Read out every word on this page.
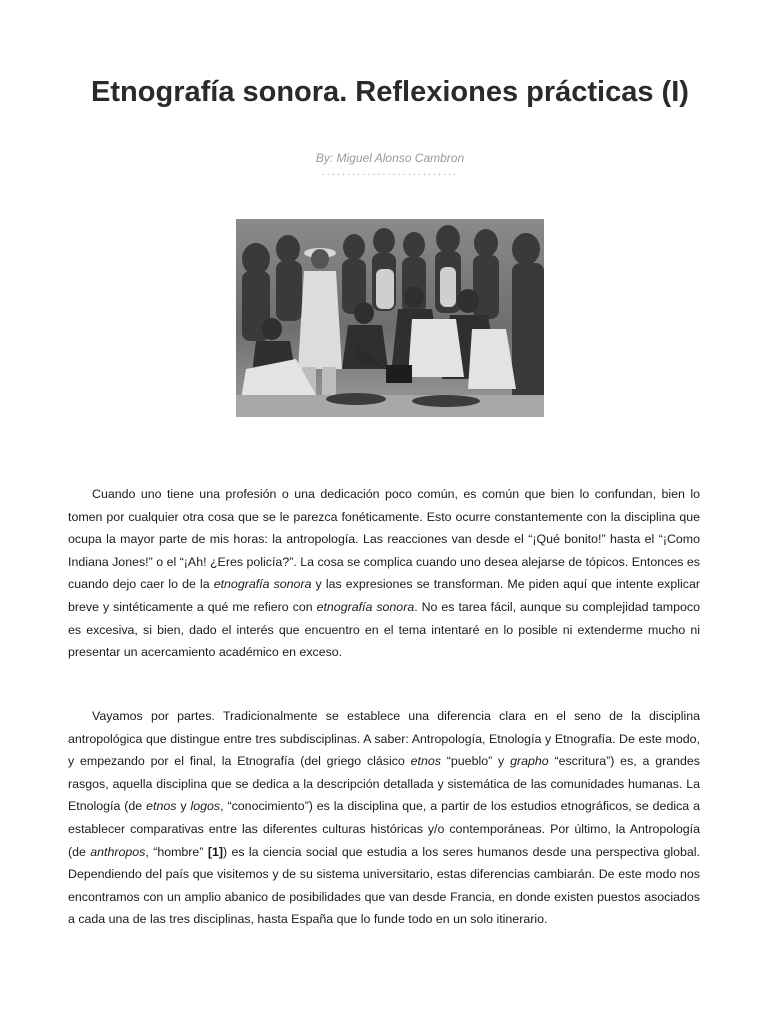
Etnografía sonora. Reflexiones prácticas (I)
By: Miguel Alonso Cambron
...........................

Cuando uno tiene una profesión o una dedicación poco común, es común que bien lo confundan, bien lo tomen por cualquier otra cosa que se le parezca fonéticamente. Esto ocurre constantemente con la disciplina que ocupa la mayor parte de mis horas: la antropología. Las reacciones van desde el “¡Qué bonito!” hasta el “¡Como Indiana Jones!” o el “¡Ah! ¿Eres policía?”. La cosa se complica cuando uno desea alejarse de tópicos. Entonces es cuando dejo caer lo de la etnografía sonora y las expresiones se transforman. Me piden aquí que intente explicar breve y sintéticamente a qué me refiero con etnografía sonora. No es tarea fácil, aunque su complejidad tampoco es excesiva, si bien, dado el interés que encuentro en el tema intentaré en lo posible ni extenderme mucho ni presentar un acercamiento académico en exceso.

Vayamos por partes. Tradicionalmente se establece una diferencia clara en el seno de la disciplina antropológica que distingue entre tres subdisciplinas. A saber: Antropología, Etnología y Etnografía. De este modo, y empezando por el final, la Etnografía (del griego clásico etnos “pueblo” y grapho “escritura”) es, a grandes rasgos, aquella disciplina que se dedica a la descripción detallada y sistemática de las comunidades humanas. La Etnología (de etnos y logos, “conocimiento”) es la disciplina que, a partir de los estudios etnográficos, se dedica a establecer comparativas entre las diferentes culturas históricas y/o contemporáneas. Por último, la Antropología (de anthropos, “hombre” [1]) es la ciencia social que estudia a los seres humanos desde una perspectiva global. Dependiendo del país que visitemos y de su sistema universitario, estas diferencias cambiarán. De este modo nos encontramos con un amplio abanico de posibilidades que van desde Francia, en donde existen puestos asociados a cada una de las tres disciplinas, hasta España que lo funde todo en un solo itinerario.
